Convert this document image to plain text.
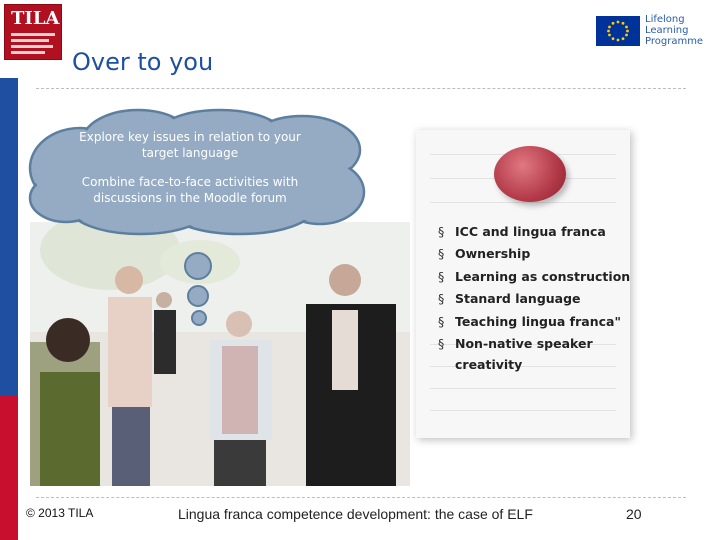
TILA
Over to you
Lifelong
Learning
Programme
§ ICC and lingua franca
§ Ownership
§ Learning as construction
§ Stanard language
§ Teaching lingua franca"
§ Non-native speaker
creativity
Explore key issues in relation to your target language
Combine face-to-face activities with discussions in the Moodle forum
© 2013 TILA	Lingua franca competence development: the case of ELF	20
